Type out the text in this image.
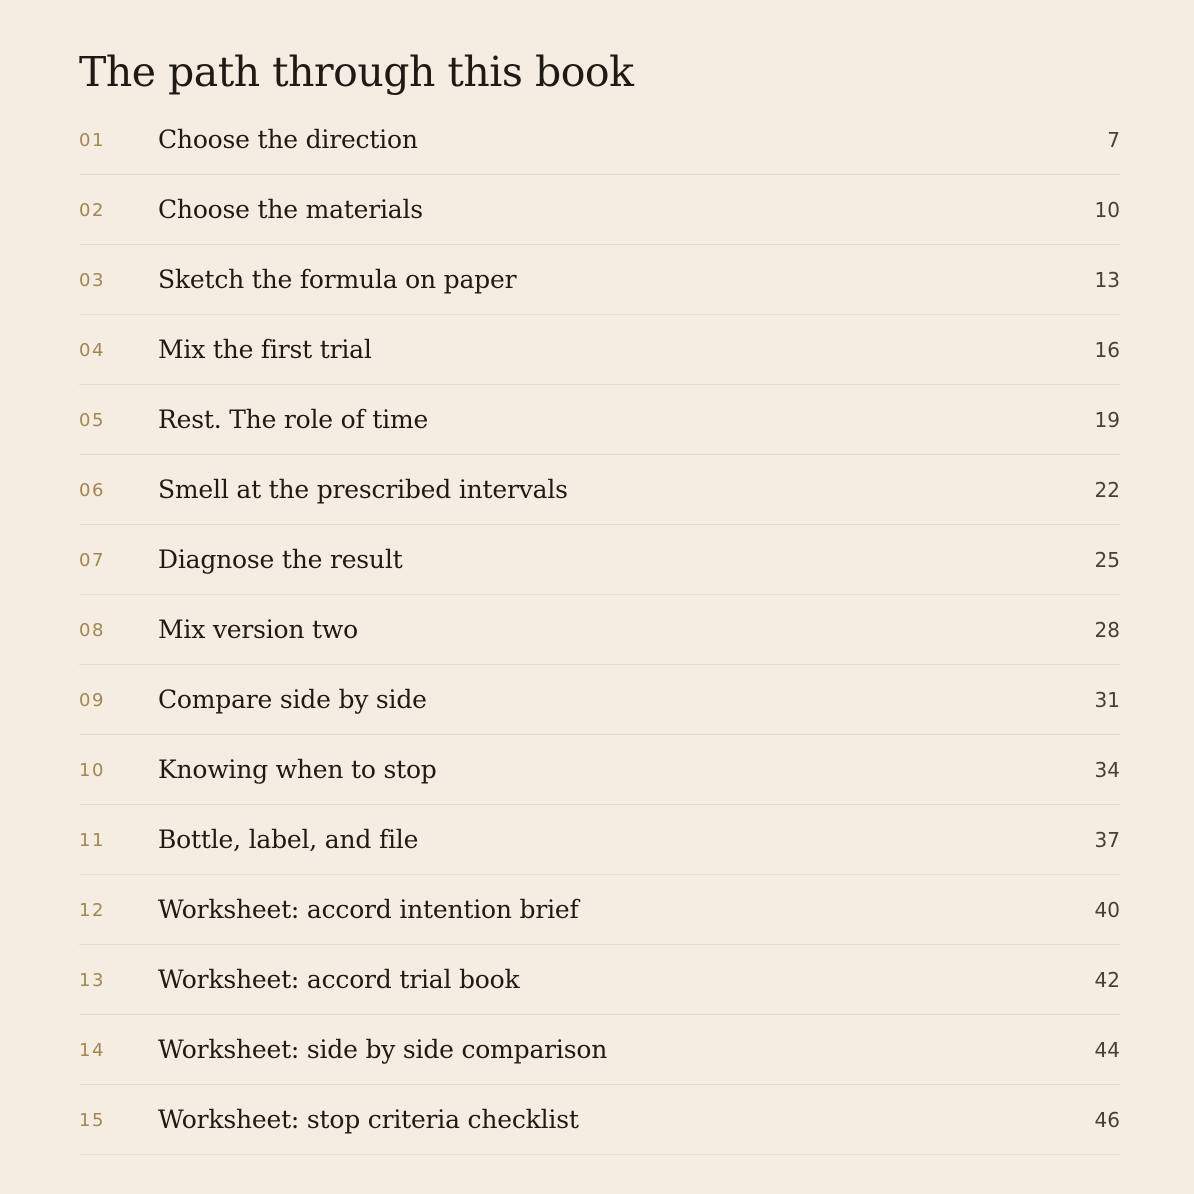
The path through this book
01	Choose the direction	7
02	Choose the materials	10
03	Sketch the formula on paper	13
04	Mix the first trial	16
05	Rest. The role of time	19
06	Smell at the prescribed intervals	22
07	Diagnose the result	25
08	Mix version two	28
09	Compare side by side	31
10	Knowing when to stop	34
11	Bottle, label, and file	37
12	Worksheet: accord intention brief	40
13	Worksheet: accord trial book	42
14	Worksheet: side by side comparison	44
15	Worksheet: stop criteria checklist	46
